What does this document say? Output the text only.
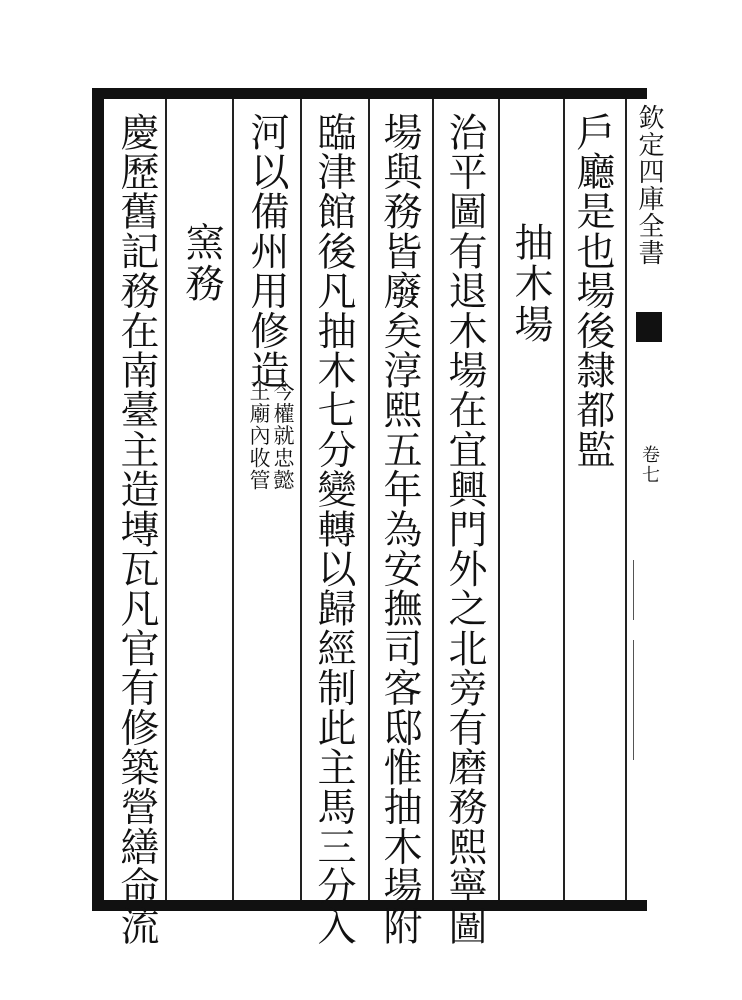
欽定四庫全書
卷七
戶廳是也場後隸都監
抽木場
治平圖有退木場在宜興門外之北旁有磨務熙寧圖
場與務皆廢矣淳熙五年為安撫司客邸惟抽木場附
臨津館後凡抽木七分變轉以歸經制此主馬三分入
河以備州用修造
今權就忠懿
王廟內收管
窯務
慶歷舊記務在南臺主造塼瓦凡官有修築營繕命流
